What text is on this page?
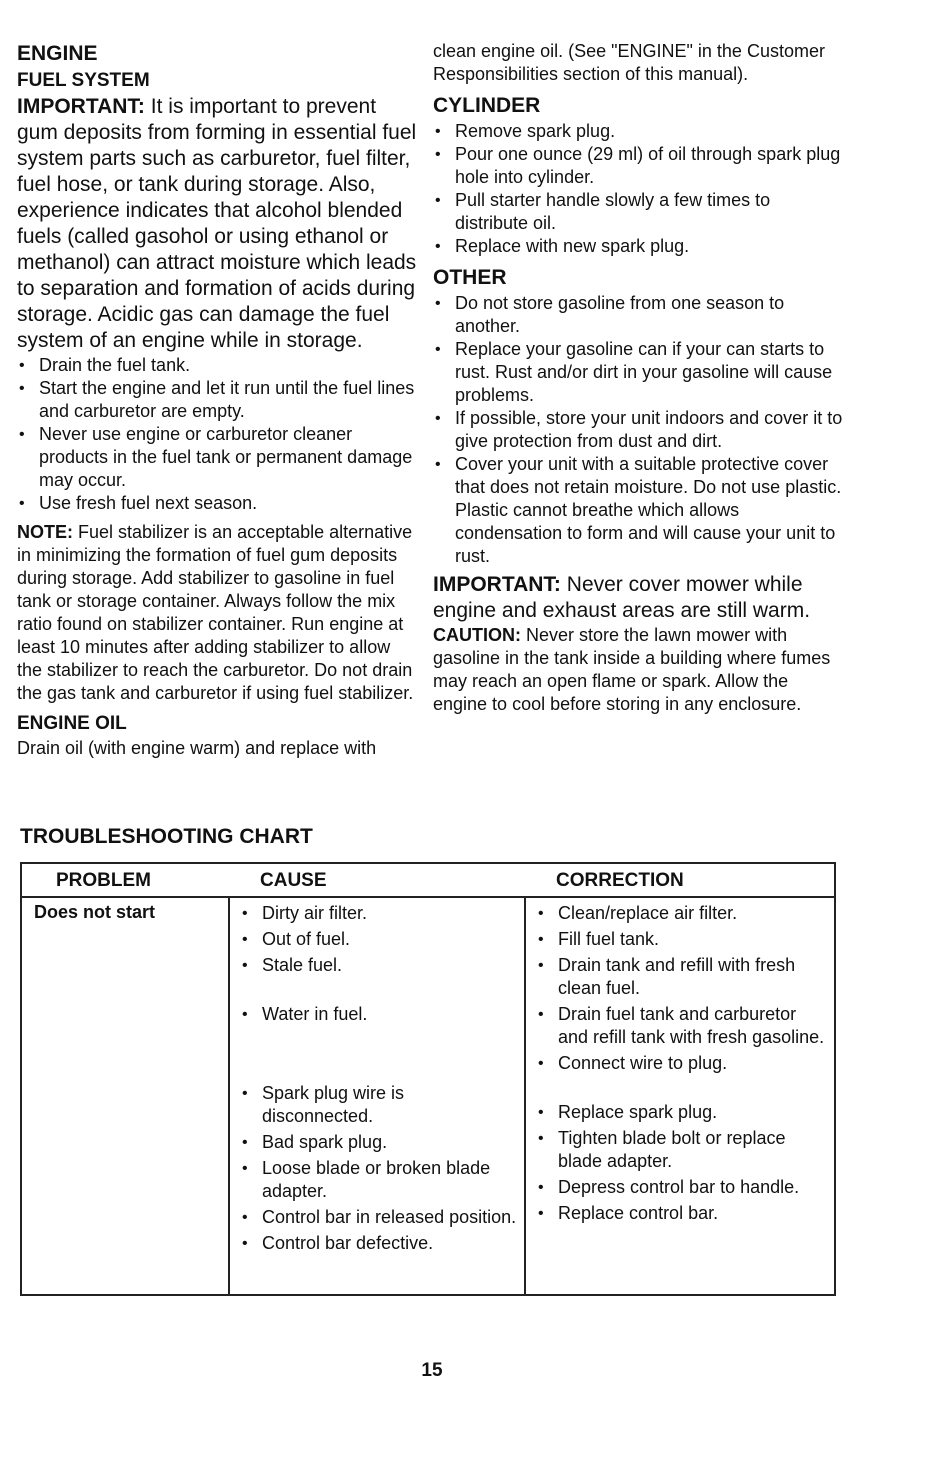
ENGINE

FUEL SYSTEM

IMPORTANT: It is important to prevent gum deposits from forming in essential fuel system parts such as carburetor, fuel filter, fuel hose, or tank during storage. Also, experience indicates that alcohol blended fuels (called gasohol or using ethanol or methanol) can attract moisture which leads to separation and formation of acids during storage. Acidic gas can damage the fuel system of an engine while in storage.

• Drain the fuel tank.
• Start the engine and let it run until the fuel lines and carburetor are empty.
• Never use engine or carburetor cleaner products in the fuel tank or permanent damage may occur.
• Use fresh fuel next season.

NOTE: Fuel stabilizer is an acceptable alternative in minimizing the formation of fuel gum deposits during storage. Add stabilizer to gasoline in fuel tank or storage container. Always follow the mix ratio found on stabilizer container. Run engine at least 10 minutes after adding stabilizer to allow the stabilizer to reach the carburetor. Do not drain the gas tank and carburetor if using fuel stabilizer.

ENGINE OIL

Drain oil (with engine warm) and replace with

clean engine oil. (See "ENGINE" in the Customer Responsibilities section of this manual).

CYLINDER

• Remove spark plug.
• Pour one ounce (29 ml) of oil through spark plug hole into cylinder.
• Pull starter handle slowly a few times to distribute oil.
• Replace with new spark plug.

OTHER

• Do not store gasoline from one season to another.
• Replace your gasoline can if your can starts to rust. Rust and/or dirt in your gasoline will cause problems.
• If possible, store your unit indoors and cover it to give protection from dust and dirt.
• Cover your unit with a suitable protective cover that does not retain moisture. Do not use plastic. Plastic cannot breathe which allows condensation to form and will cause your unit to rust.

IMPORTANT: Never cover mower while engine and exhaust areas are still warm.

CAUTION: Never store the lawn mower with gasoline in the tank inside a building where fumes may reach an open flame or spark. Allow the engine to cool before storing in any enclosure.

TROUBLESHOOTING CHART

PROBLEM	CAUSE	CORRECTION
Does not start
•	Dirty air filter.
• Out of fuel.
• Stale fuel.
• Water in fuel.
• Spark plug wire is disconnected.
• Bad spark plug.
• Loose blade or broken blade adapter.
• Control bar in released position.
• Control bar defective.
• Clean/replace air filter.
• Fill fuel tank.
• Drain tank and refill with fresh clean fuel.
• Drain fuel tank and carburetor and refill tank with fresh gasoline.
• Connect wire to plug.
• Replace spark plug.
• Tighten blade bolt or replace blade adapter.
• Depress control bar to handle.
• Replace control bar.
15
